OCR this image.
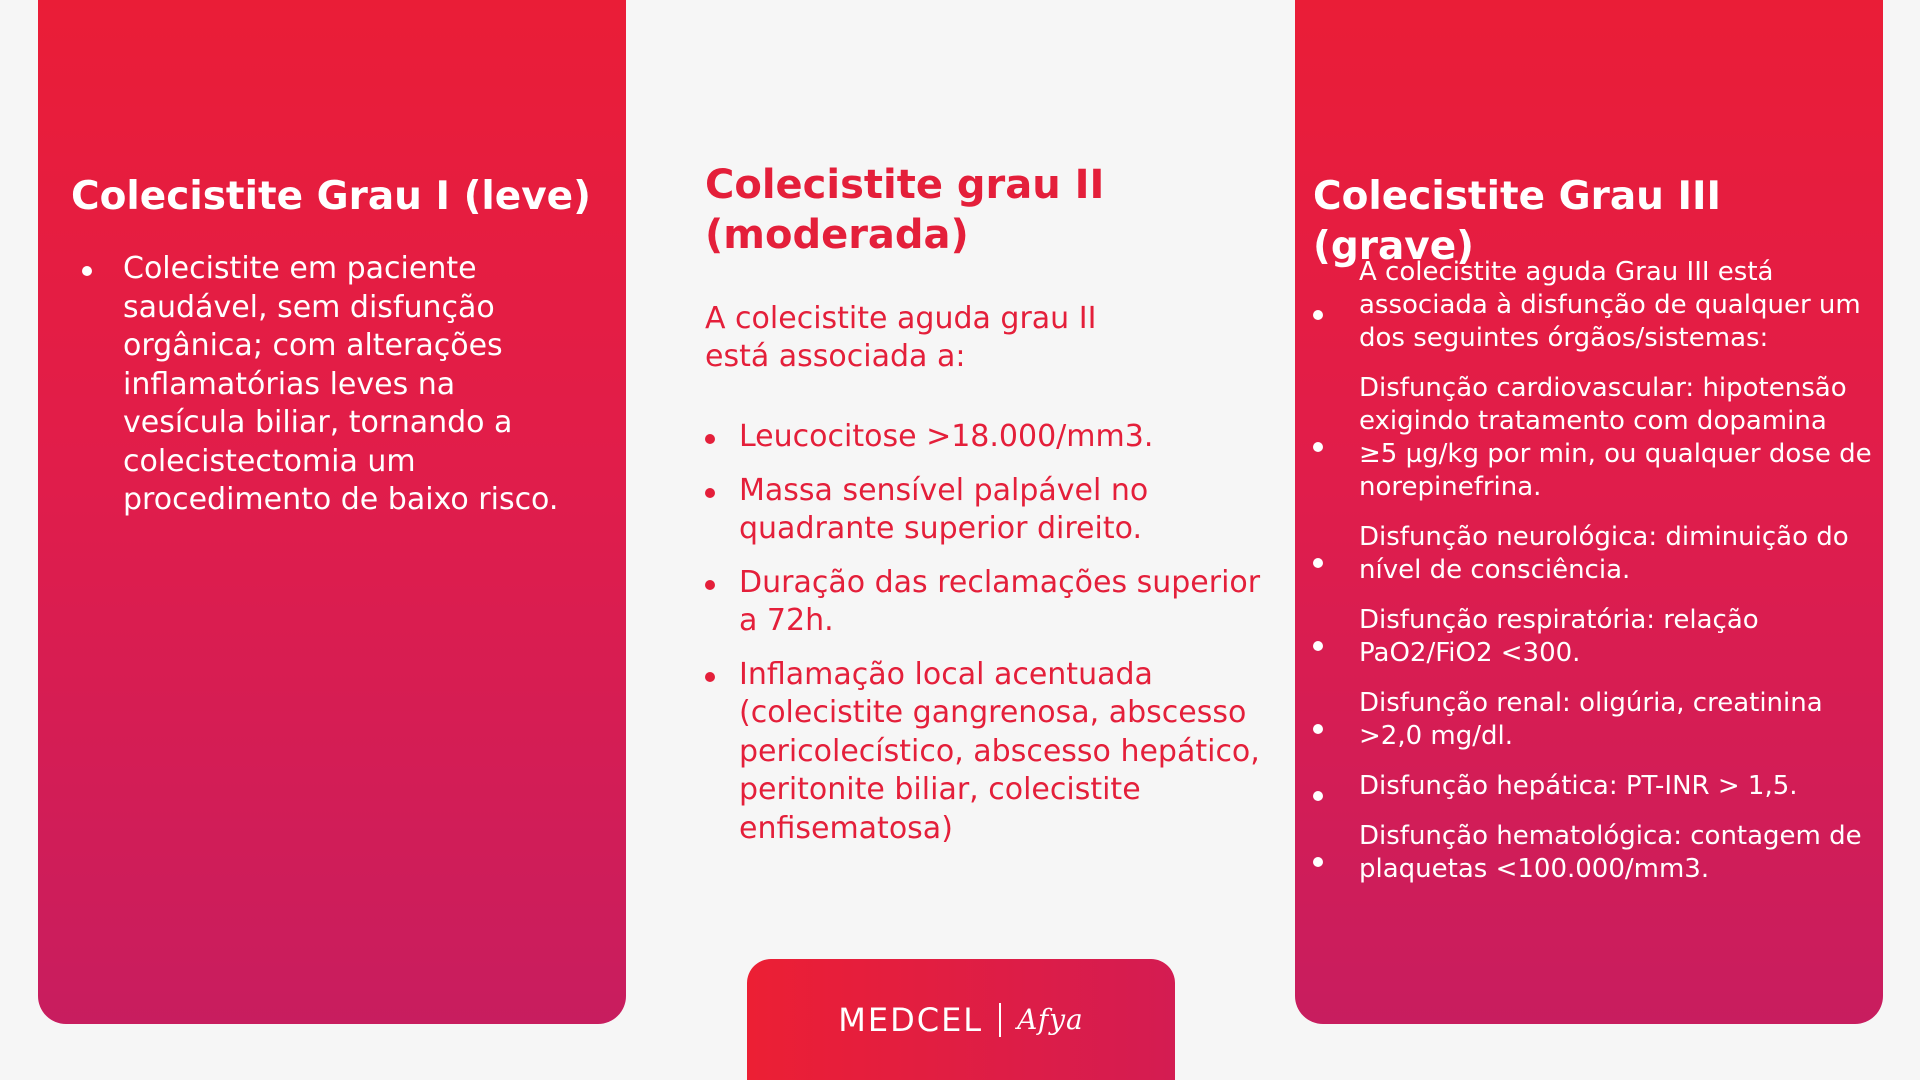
Colecistite Grau I (leve)
Colecistite em paciente saudável, sem disfunção orgânica; com alterações inflamatórias leves na vesícula biliar, tornando a colecistectomia um procedimento de baixo risco.
Colecistite grau II (moderada)

A colecistite aguda grau II está associada a:

Leucocitose >18.000/mm3.
Massa sensível palpável no quadrante superior direito.
Duração das reclamações superior a 72h.
Inflamação local acentuada (colecistite gangrenosa, abscesso pericolecístico, abscesso hepático, peritonite biliar, colecistite enfisematosa)
Colecistite Grau III (grave)
A colecistite aguda Grau III está associada à disfunção de qualquer um dos seguintes órgãos/sistemas:
Disfunção cardiovascular: hipotensão exigindo tratamento com dopamina ≥5 µg/kg por min, ou qualquer dose de norepinefrina.
Disfunção neurológica: diminuição do nível de consciência.
Disfunção respiratória: relação PaO2/FiO2 <300.
Disfunção renal: oligúria, creatinina >2,0 mg/dl.
Disfunção hepática: PT-INR > 1,5.
Disfunção hematológica: contagem de plaquetas <100.000/mm3.
MEDCEL Afya
